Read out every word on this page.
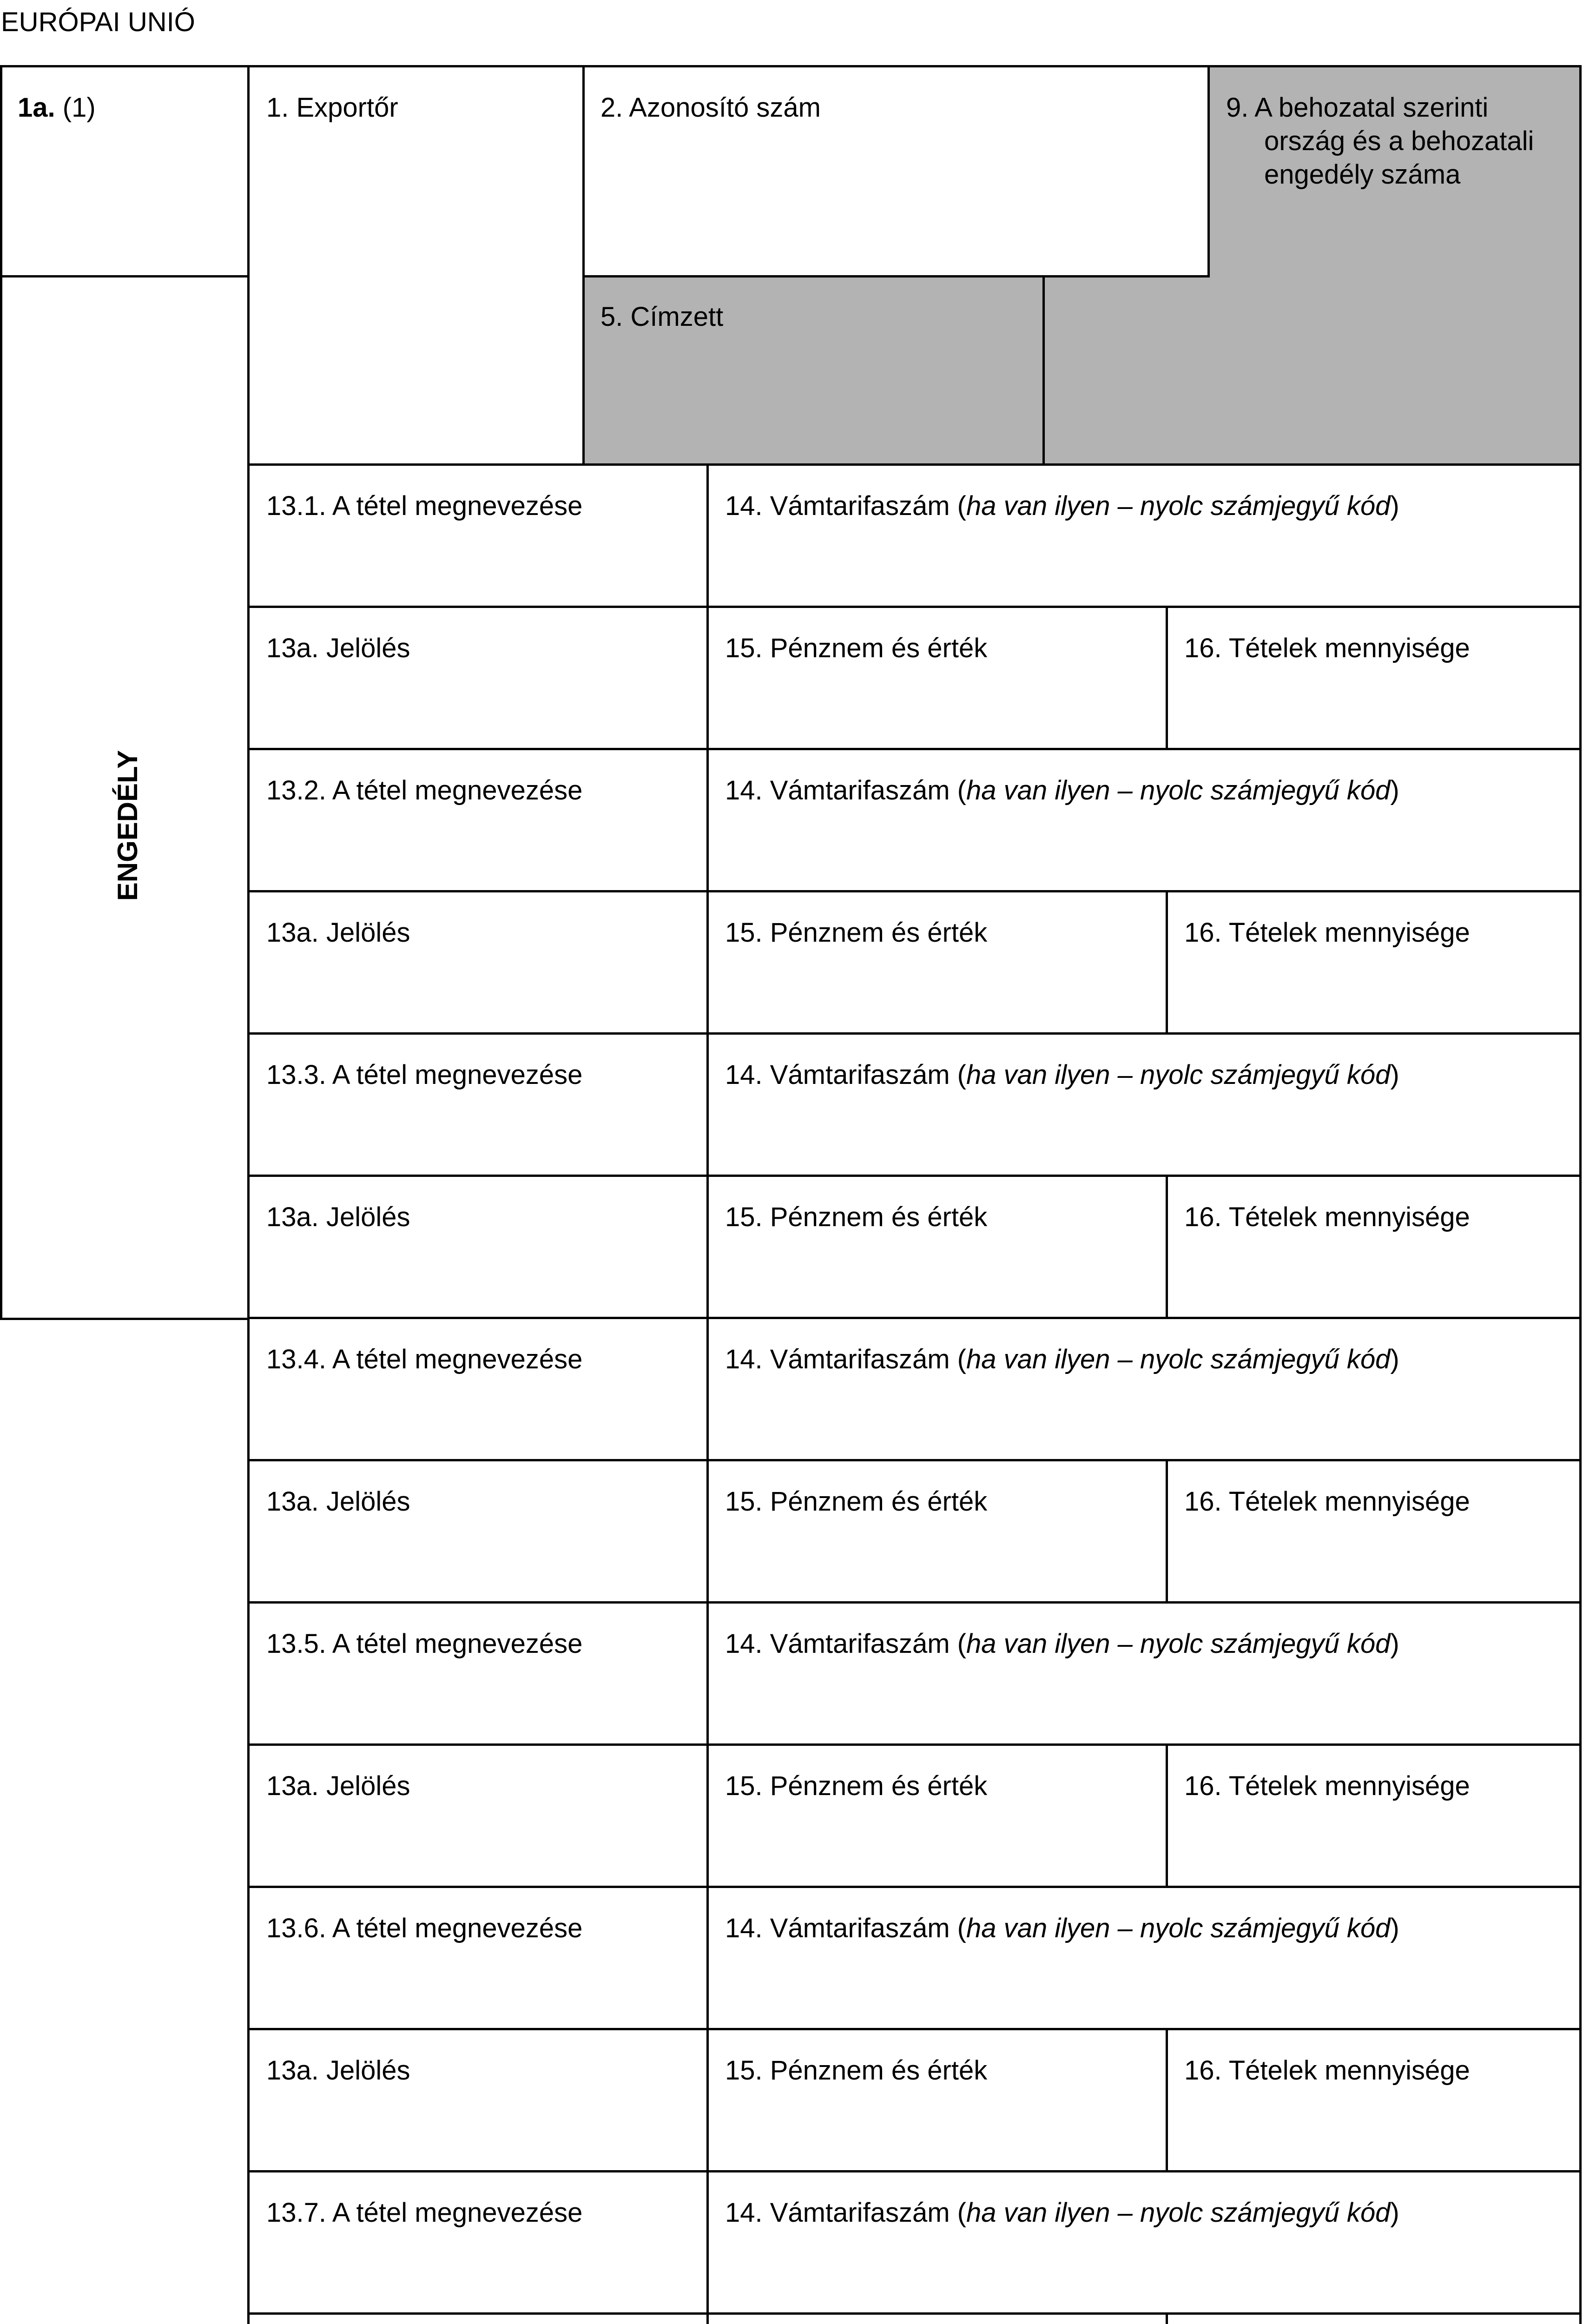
EURÓPAI UNIÓ
1a. (1)	1. Exportőr	2. Azonosító szám	9. A behozatal szerinti
ország és a behozatali
engedély száma
5. Címzett
ENGEDÉLY
13.1. A tétel megnevezése	14. Vámtarifaszám (ha van ilyen – nyolc számjegyű kód)
13a. Jelölés	15. Pénznem és érték	16. Tételek mennyisége
13.2. A tétel megnevezése	14. Vámtarifaszám (ha van ilyen – nyolc számjegyű kód)
13a. Jelölés	15. Pénznem és érték	16. Tételek mennyisége
13.3. A tétel megnevezése	14. Vámtarifaszám (ha van ilyen – nyolc számjegyű kód)
13a. Jelölés	15. Pénznem és érték	16. Tételek mennyisége
13.4. A tétel megnevezése	14. Vámtarifaszám (ha van ilyen – nyolc számjegyű kód)
13a. Jelölés	15. Pénznem és érték	16. Tételek mennyisége
13.5. A tétel megnevezése	14. Vámtarifaszám (ha van ilyen – nyolc számjegyű kód)
13a. Jelölés	15. Pénznem és érték	16. Tételek mennyisége
13.6. A tétel megnevezése	14. Vámtarifaszám (ha van ilyen – nyolc számjegyű kód)
13a. Jelölés	15. Pénznem és érték	16. Tételek mennyisége
13.7. A tétel megnevezése	14. Vámtarifaszám (ha van ilyen – nyolc számjegyű kód)
